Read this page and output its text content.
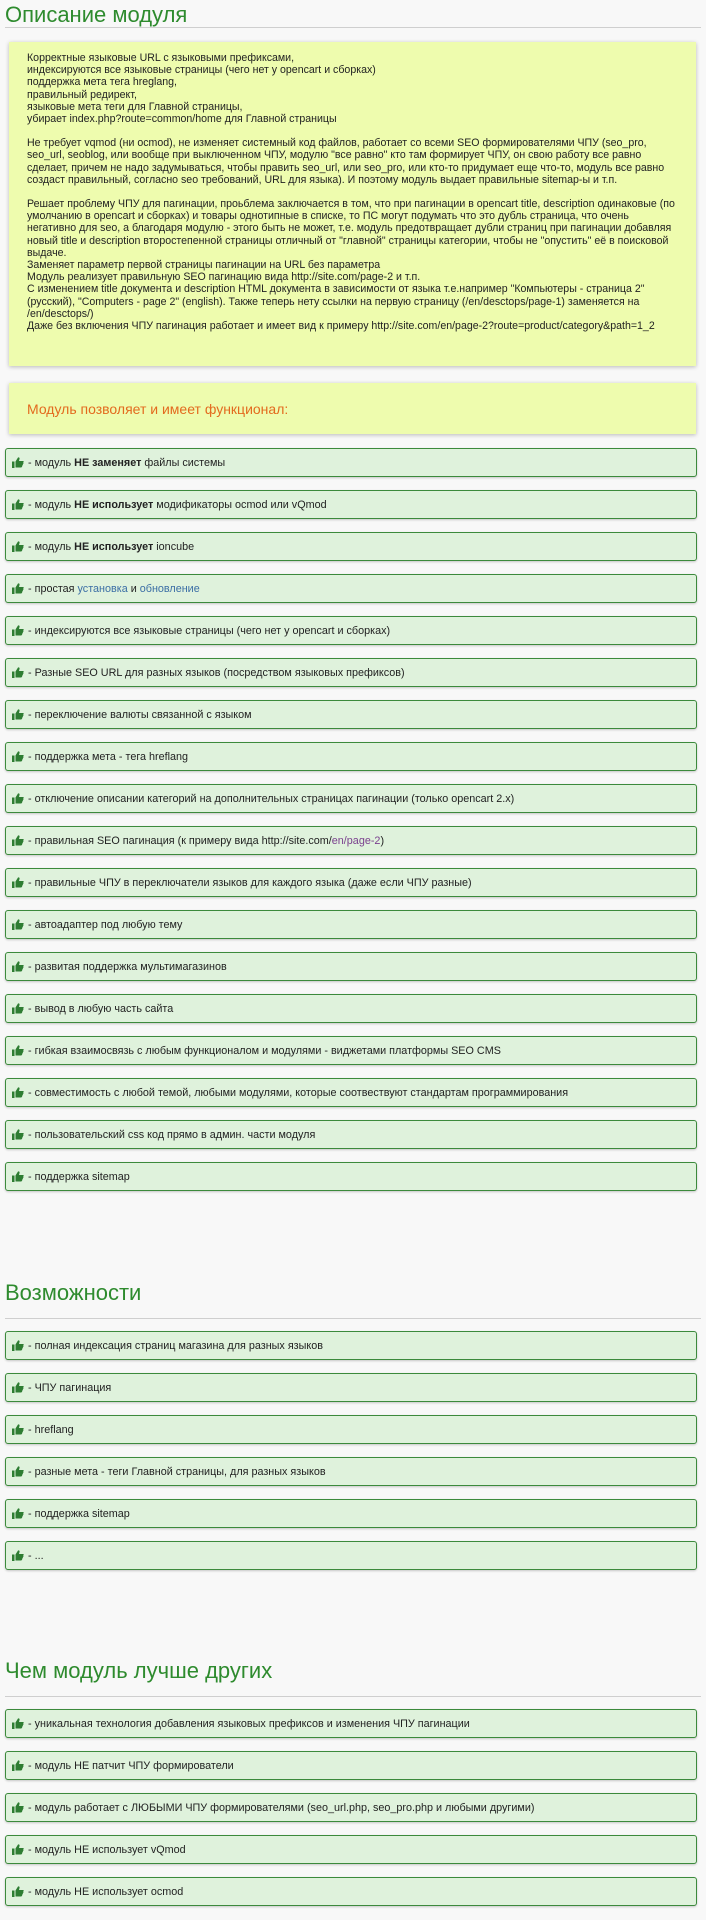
Описание модуля

Корректные языковые URL с языковыми префиксами,

индексируются все языковые страницы (чего нет у opencart и сборках)

поддержка мета тега hreglang,

правильный редирект,

языковые мета теги для Главной страницы,

убирает index.php?route=common/home для Главной страницы

Не требует vqmod (ни ocmod), не изменяет системный код файлов, работает со всеми SEO формирователями ЧПУ (seo_pro, seo_url, seoblog, или вообще при выключенном ЧПУ, модулю "все равно" кто там формирует ЧПУ, он свою работу все равно сделает, причем не надо задумываться, чтобы править seo_url, или seo_pro, или кто-то придумает еще что-то, модуль все равно создаст правильный, согласно seo требований, URL для языка). И поэтому модуль выдает правильные sitemap-ы и т.п.

Решает проблему ЧПУ для пагинации, проьблема заключается в том, что при пагинации в opencart title, description одинаковые (по умолчанию в opencart и сборках) и товары однотипные в списке, то ПС могут подумать что это дубль страница, что очень негативно для seo, а благодаря модулю - этого быть не может, т.е. модуль предотвращает дубли страниц при пагинации добавляя новый title и description второстепенной страницы отличный от "главной" страницы категории, чтобы не "опустить" её в поисковой выдаче.

Заменяет параметр первой страницы пагинации на URL без параметра

Модуль реализует правильную SEO пагинацию вида http://site.com/page-2 и т.п.

С изменением title документа и description HTML документа в зависимости от языка т.е.например "Компьютеры - страница 2" (русский), "Computers - page 2" (english). Также теперь нету ссылки на первую страницу (/en/desctops/page-1) заменяется на /en/desctops/)

Даже без включения ЧПУ пагинация работает и имеет вид к примеру http://site.com/en/page-2?route=product/category&path=1_2

Модуль позволяет и имеет функционал:
- модуль НЕ заменяет файлы системы
- модуль НЕ использует модификаторы ocmod или vQmod
- модуль НЕ использует ioncube
- простая установка и обновление
- индексируются все языковые страницы (чего нет у opencart и сборках)
- Разные SEO URL для разных языков (посредством языковых префиксов)
- переключение валюты связанной с языком
- поддержка мета - тега hreflang
- отключение описании категорий на дополнительных страницах пагинации (только opencart 2.х)
- правильная SEO пагинация (к примеру вида http://site.com/en/page-2)
- правильные ЧПУ в переключатели языков для каждого языка (даже если ЧПУ разные)
- автоадаптер под любую тему
- развитая поддержка мультимагазинов
- вывод в любую часть сайта
- гибкая взаимосвязь с любым функционалом и модулями - виджетами платформы SEO CMS
- совместимость с любой темой, любыми модулями, которые соотвествуют стандартам программирования
- пользовательский css код прямо в админ. части модуля
- поддержка sitemap
Возможности
- полная индексация страниц магазина для разных языков
- ЧПУ пагинация
- hreflang
- разные мета - теги Главной страницы, для разных языков
- поддержка sitemap
- ...
Чем модуль лучше других
- уникальная технология добавления языковых префиксов и изменения ЧПУ пагинации
- модуль НЕ патчит ЧПУ формирователи
- модуль работает с ЛЮБЫМИ ЧПУ формирователями (seo_url.php, seo_pro.php и любыми другими)
- модуль НЕ использует vQmod
- модуль НЕ использует ocmod
